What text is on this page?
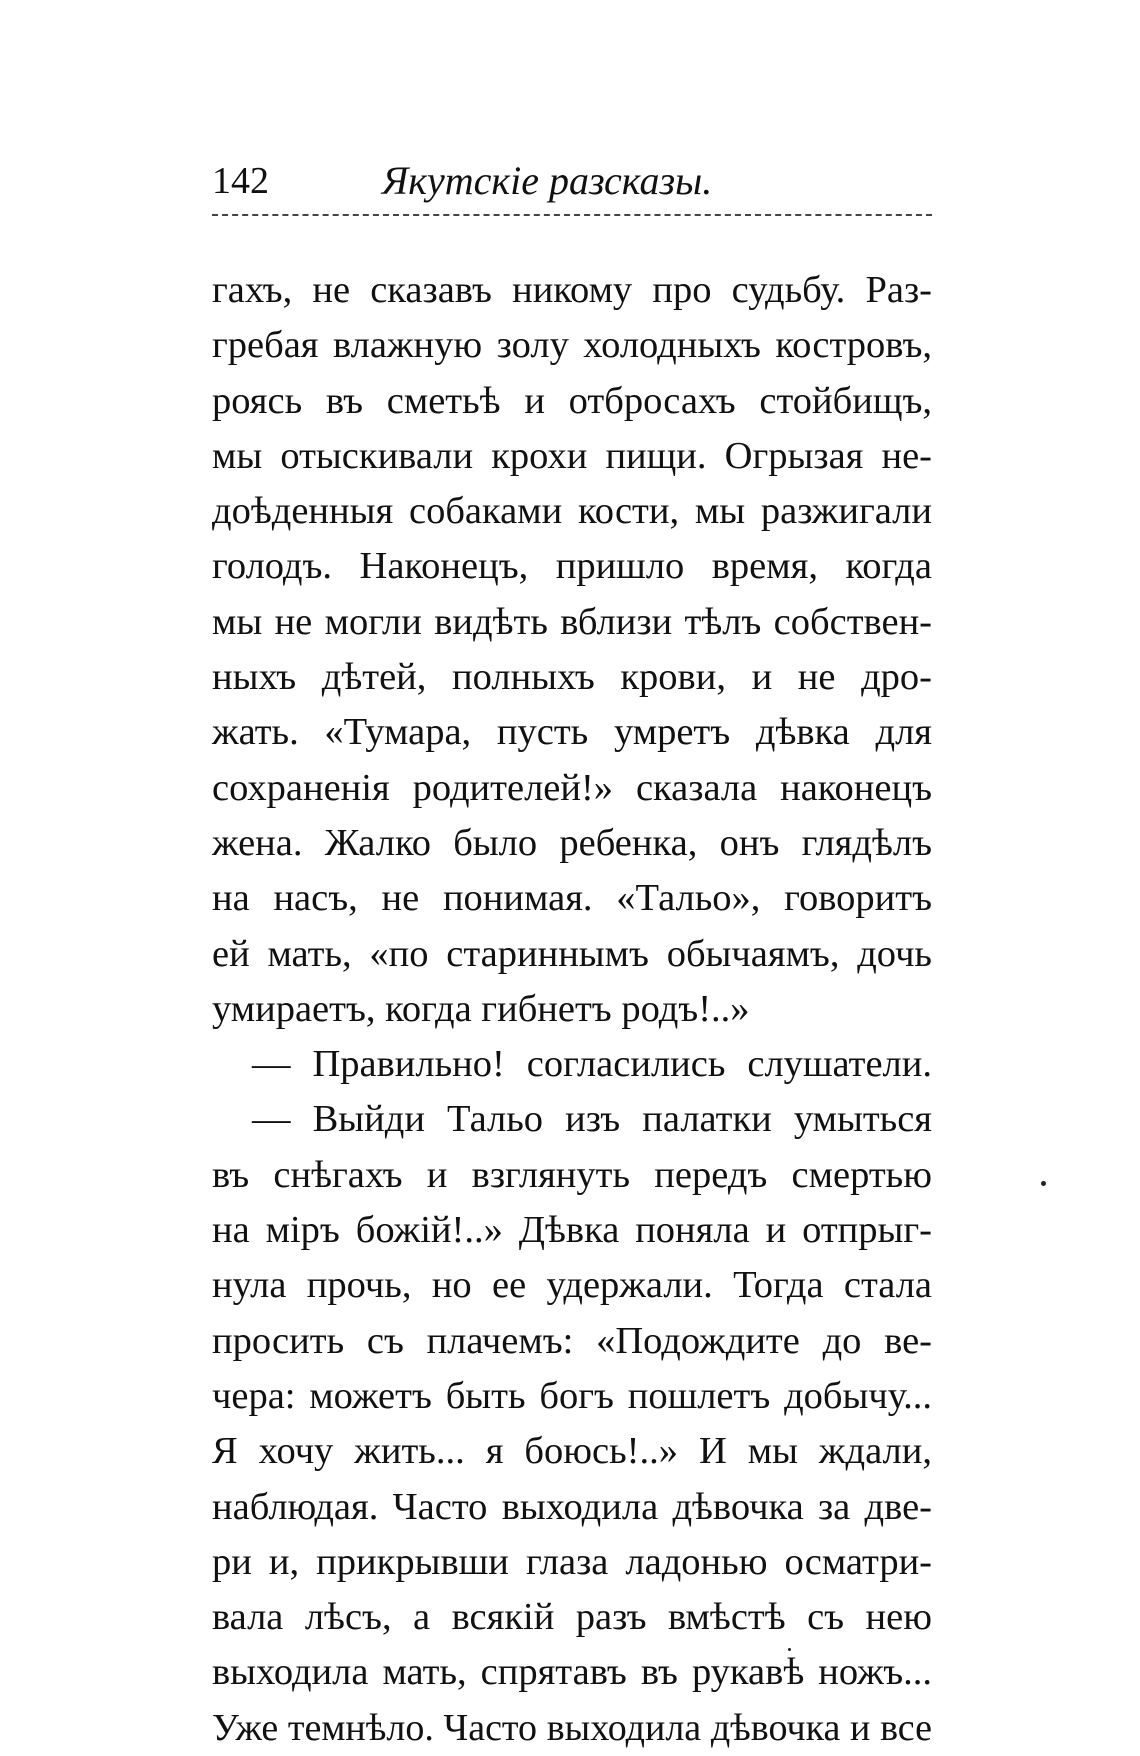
142	Якутскіе разсказы.
гахъ, не сказавъ никому про судьбу. Раз-
гребая влажную золу холодныхъ костровъ,
роясь въ сметьѣ и отбросахъ стойбищъ,
мы отыскивали крохи пищи. Огрызая не-
доѣденныя собаками кости, мы разжигали
голодъ. Наконецъ, пришло время, когда
мы не могли видѣть вблизи тѣлъ собствен-
ныхъ дѣтей, полныхъ крови, и не дро-
жать. «Тумара, пусть умретъ дѣвка для
сохраненія родителей!» сказала наконецъ
жена. Жалко было ребенка, онъ глядѣлъ
на насъ, не понимая. «Тальо», говоритъ
ей мать, «по стариннымъ обычаямъ, дочь
умираетъ, когда гибнетъ родъ!..»
— Правильно! согласились слушатели.
— Выйди Тальо изъ палатки умыться
въ снѣгахъ и взглянуть передъ смертью
на міръ божій!..» Дѣвка поняла и отпрыг-
нула прочь, но ее удержали. Тогда стала
просить съ плачемъ: «Подождите до ве-
чера: можетъ быть богъ пошлетъ добычу...
Я хочу жить... я боюсь!..» И мы ждали,
наблюдая. Часто выходила дѣвочка за две-
ри и, прикрывши глаза ладонью осматри-
вала лѣсъ, а всякій разъ вмѣстѣ съ нею
выходила мать, спрятавъ въ рукавѣ ножъ...
Уже темнѣло. Часто выходила дѣвочка и все
